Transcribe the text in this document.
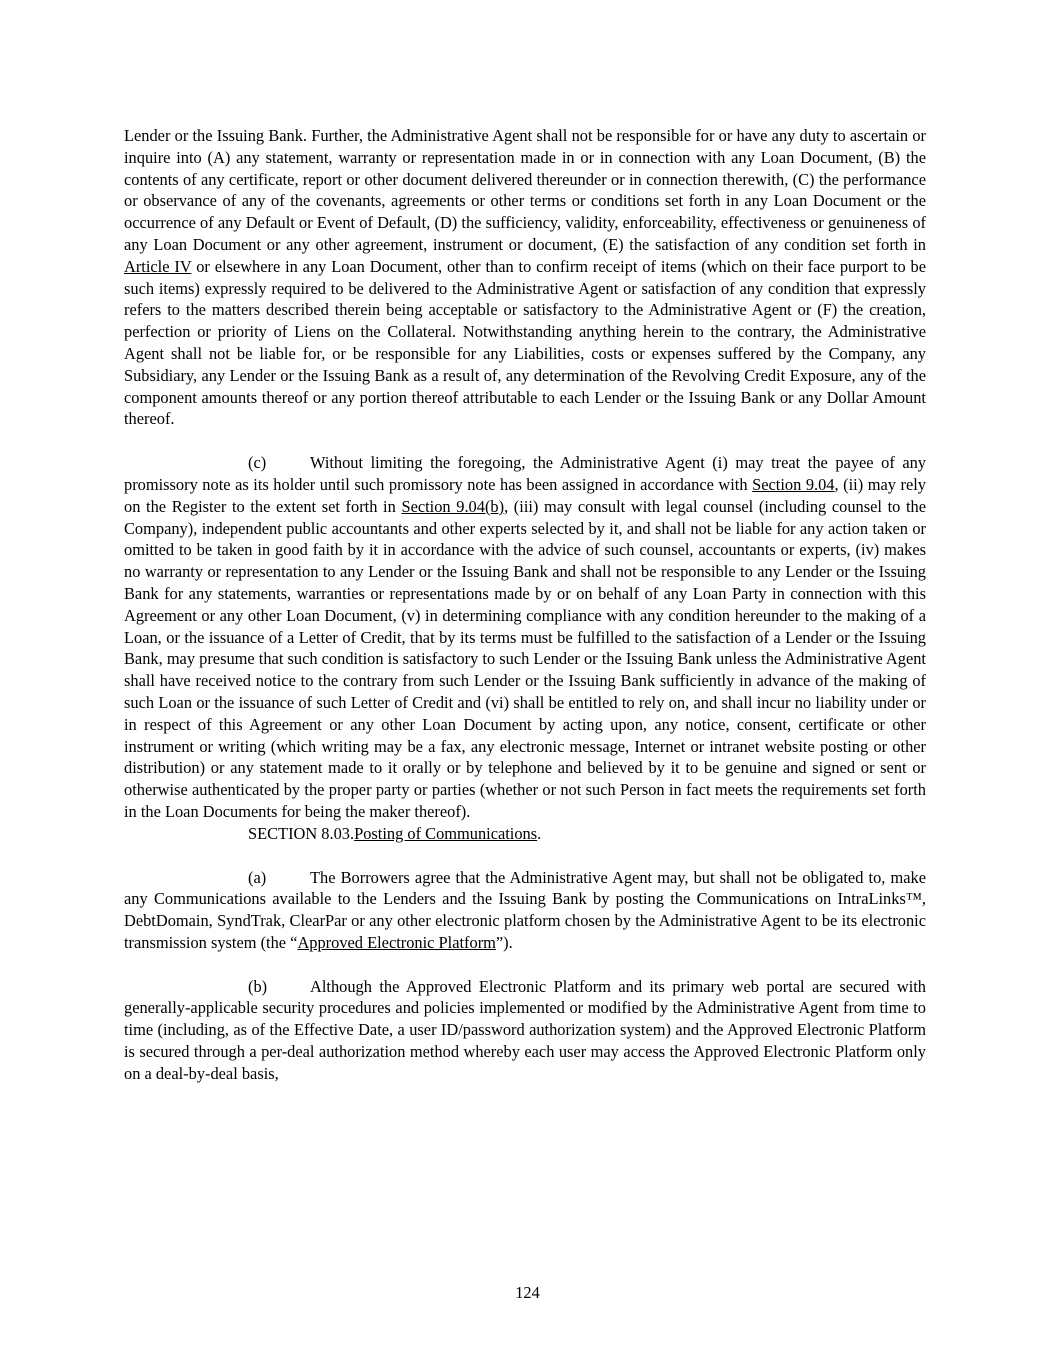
Lender or the Issuing Bank. Further, the Administrative Agent shall not be responsible for or have any duty to ascertain or inquire into (A) any statement, warranty or representation made in or in connection with any Loan Document, (B) the contents of any certificate, report or other document delivered thereunder or in connection therewith, (C) the performance or observance of any of the covenants, agreements or other terms or conditions set forth in any Loan Document or the occurrence of any Default or Event of Default, (D) the sufficiency, validity, enforceability, effectiveness or genuineness of any Loan Document or any other agreement, instrument or document, (E) the satisfaction of any condition set forth in Article IV or elsewhere in any Loan Document, other than to confirm receipt of items (which on their face purport to be such items) expressly required to be delivered to the Administrative Agent or satisfaction of any condition that expressly refers to the matters described therein being acceptable or satisfactory to the Administrative Agent or (F) the creation, perfection or priority of Liens on the Collateral. Notwithstanding anything herein to the contrary, the Administrative Agent shall not be liable for, or be responsible for any Liabilities, costs or expenses suffered by the Company, any Subsidiary, any Lender or the Issuing Bank as a result of, any determination of the Revolving Credit Exposure, any of the component amounts thereof or any portion thereof attributable to each Lender or the Issuing Bank or any Dollar Amount thereof.

(c)	Without limiting the foregoing, the Administrative Agent (i) may treat the payee of any promissory note as its holder until such promissory note has been assigned in accordance with Section 9.04, (ii) may rely on the Register to the extent set forth in Section 9.04(b), (iii) may consult with legal counsel (including counsel to the Company), independent public accountants and other experts selected by it, and shall not be liable for any action taken or omitted to be taken in good faith by it in accordance with the advice of such counsel, accountants or experts, (iv) makes no warranty or representation to any Lender or the Issuing Bank and shall not be responsible to any Lender or the Issuing Bank for any statements, warranties or representations made by or on behalf of any Loan Party in connection with this Agreement or any other Loan Document, (v) in determining compliance with any condition hereunder to the making of a Loan, or the issuance of a Letter of Credit, that by its terms must be fulfilled to the satisfaction of a Lender or the Issuing Bank, may presume that such condition is satisfactory to such Lender or the Issuing Bank unless the Administrative Agent shall have received notice to the contrary from such Lender or the Issuing Bank sufficiently in advance of the making of such Loan or the issuance of such Letter of Credit and (vi) shall be entitled to rely on, and shall incur no liability under or in respect of this Agreement or any other Loan Document by acting upon, any notice, consent, certificate or other instrument or writing (which writing may be a fax, any electronic message, Internet or intranet website posting or other distribution) or any statement made to it orally or by telephone and believed by it to be genuine and signed or sent or otherwise authenticated by the proper party or parties (whether or not such Person in fact meets the requirements set forth in the Loan Documents for being the maker thereof).

SECTION 8.03.Posting of Communications.

(a)	The Borrowers agree that the Administrative Agent may, but shall not be obligated to, make any Communications available to the Lenders and the Issuing Bank by posting the Communications on IntraLinks™, DebtDomain, SyndTrak, ClearPar or any other electronic platform chosen by the Administrative Agent to be its electronic transmission system (the “Approved Electronic Platform”).

(b)	Although the Approved Electronic Platform and its primary web portal are secured with generally-applicable security procedures and policies implemented or modified by the Administrative Agent from time to time (including, as of the Effective Date, a user ID/password authorization system) and the Approved Electronic Platform is secured through a per-deal authorization method whereby each user may access the Approved Electronic Platform only on a deal-by-deal basis,

124
